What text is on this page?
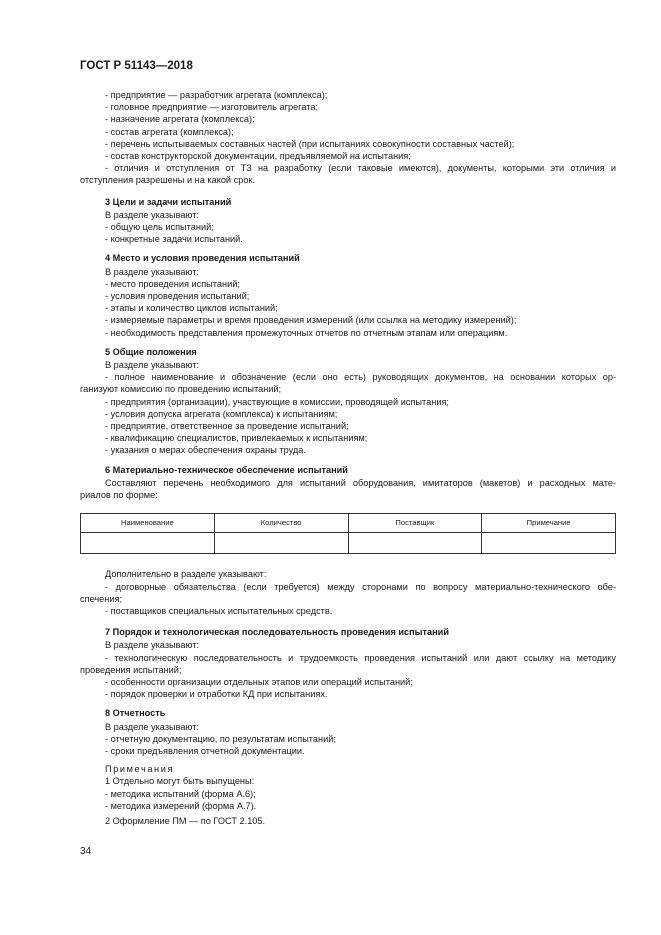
ГОСТ Р 51143—2018
- предприятие — разработчик агрегата (комплекса);
- головное предприятие — изготовитель агрегата;
- назначение агрегата (комплекса);
- состав агрегата (комплекса);
- перечень испытываемых составных частей (при испытаниях совокупности составных частей);
- состав конструкторской документации, предъявляемой на испытания;
- отличия и отступления от ТЗ на разработку (если таковые имеются), документы, которыми эти отличия и
отступления разрешены и на какой срок.
3 Цели и задачи испытаний
В разделе указывают:
- общую цель испытаний;
- конкретные задачи испытаний.
4 Место и условия проведения испытаний
В разделе указывают:
- место проведения испытаний;
- условия проведения испытаний;
- этапы и количество циклов испытаний;
- измеряемые параметры и время проведения измерений (или ссылка на методику измерений);
- необходимость представления промежуточных отчетов по отчетным этапам или операциям.
5 Общие положения
В разделе указывают:
- полное наименование и обозначение (если оно есть) руководящих документов, на основании которых ор-
ганизуют комиссию по проведению испытаний;
- предприятия (организации), участвующие в комиссии, проводящей испытания;
- условия допуска агрегата (комплекса) к испытаниям;
- предприятие, ответственное за проведение испытаний;
- квалификацию специалистов, привлекаемых к испытаниям;
- указания о мерах обеспечения охраны труда.
6 Материально-техническое обеспечение испытаний
Составляют перечень необходимого для испытаний оборудования, имитаторов (макетов) и расходных мате-
риалов по форме:
Наименование	Количество	Поставщик	Примечание

Дополнительно в разделе указывают:
- договорные обязательства (если требуется) между сторонами по вопросу материально-технического обе-
спечения;
- поставщиков специальных испытательных средств.
7 Порядок и технологическая последовательность проведения испытаний
В разделе указывают:
- технологическую последовательность и трудоемкость проведения испытаний или дают ссылку на методику
проведения испытаний;
- особенности организации отдельных этапов или операций испытаний;
- порядок проверки и отработки КД при испытаниях.
8 Отчетность
В разделе указывают:
- отчетную документацию, по результатам испытаний;
- сроки предъявления отчетной документации.
Примечания
1 Отдельно могут быть выпущены:
- методика испытаний (форма А.6);
- методика измерений (форма А.7).
2 Оформление ПМ — по ГОСТ 2.105.
34
